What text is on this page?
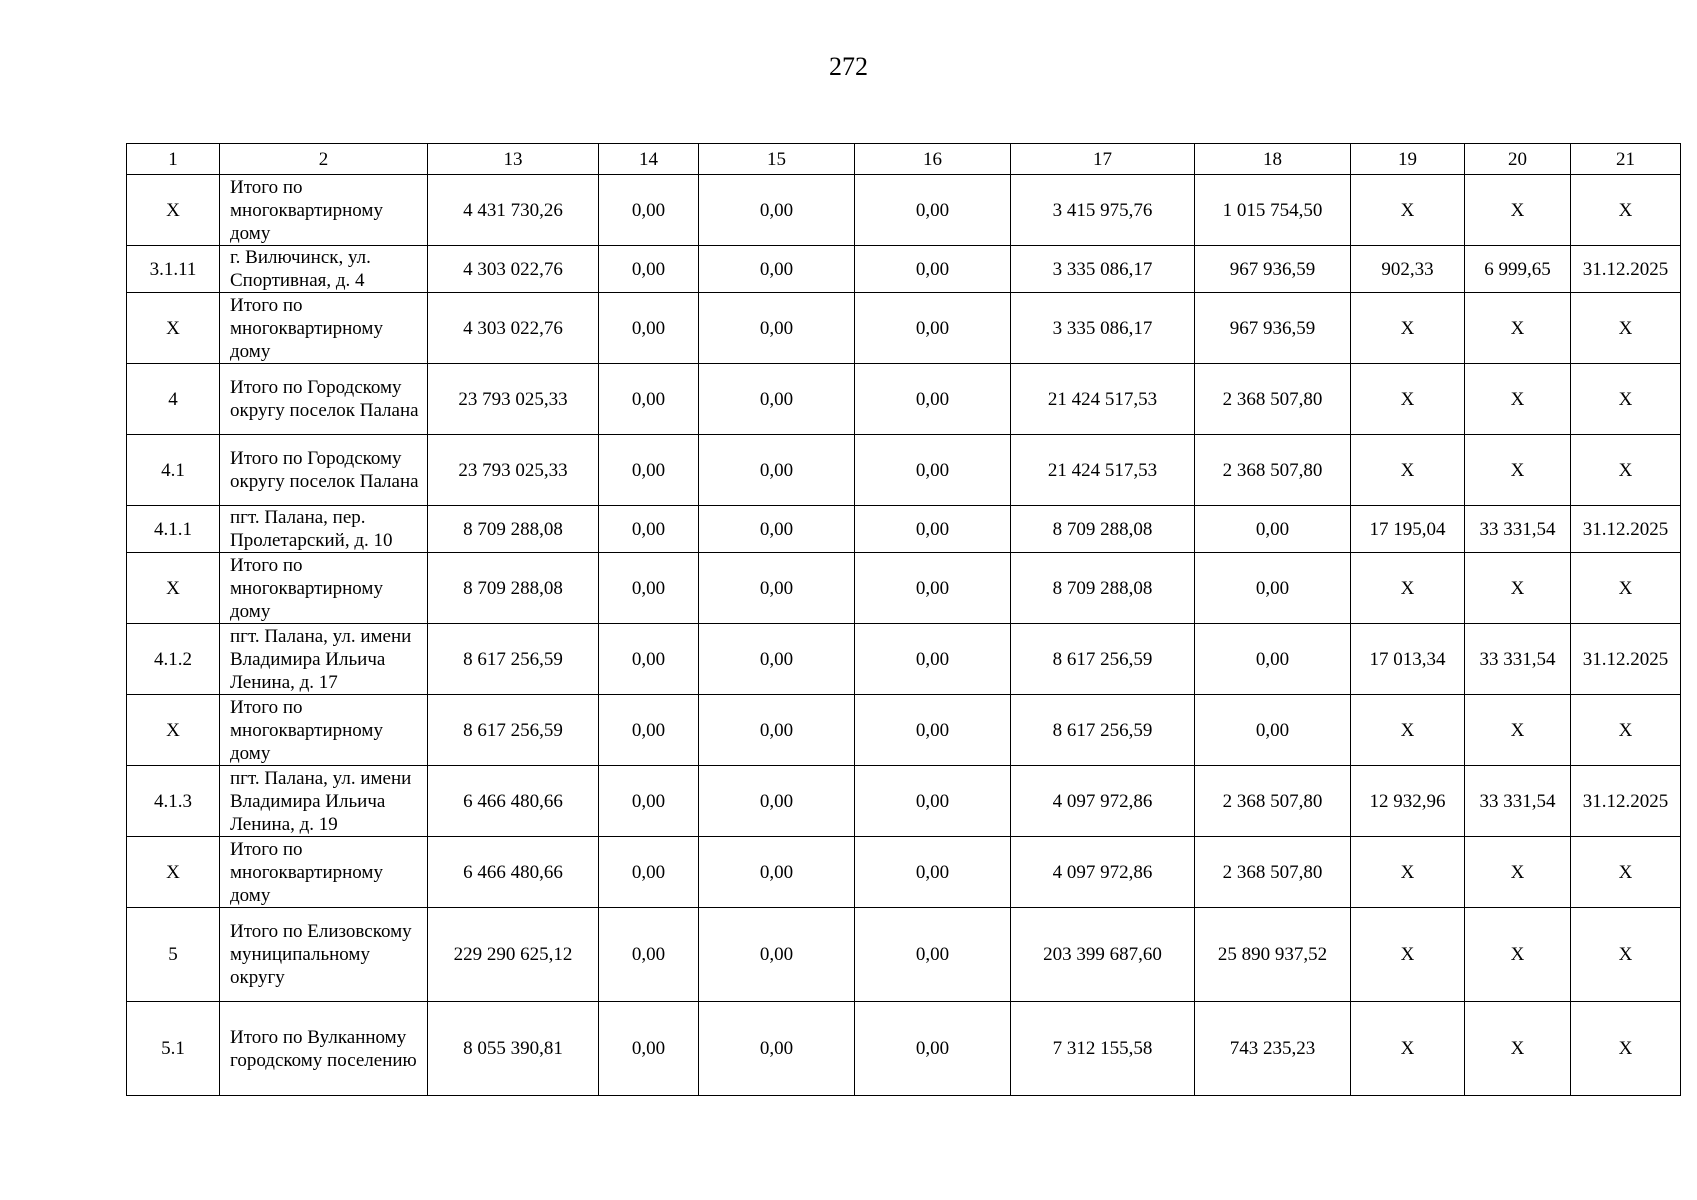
272
1	2	13	14	15	16	17	18	19	20	21
X	Итого по многоквартирному дому	4 431 730,26	0,00	0,00	0,00	3 415 975,76	1 015 754,50	X	X	X
3.1.11	г. Вилючинск, ул. Спортивная, д. 4	4 303 022,76	0,00	0,00	0,00	3 335 086,17	967 936,59	902,33	6 999,65	31.12.2025
X	Итого по многоквартирному дому	4 303 022,76	0,00	0,00	0,00	3 335 086,17	967 936,59	X	X	X
4	Итого по Городскому округу поселок Палана	23 793 025,33	0,00	0,00	0,00	21 424 517,53	2 368 507,80	X	X	X
4.1	Итого по Городскому округу поселок Палана	23 793 025,33	0,00	0,00	0,00	21 424 517,53	2 368 507,80	X	X	X
4.1.1	пгт. Палана, пер. Пролетарский, д. 10	8 709 288,08	0,00	0,00	0,00	8 709 288,08	0,00	17 195,04	33 331,54	31.12.2025
X	Итого по многоквартирному дому	8 709 288,08	0,00	0,00	0,00	8 709 288,08	0,00	X	X	X
4.1.2	пгт. Палана, ул. имени Владимира Ильича Ленина, д. 17	8 617 256,59	0,00	0,00	0,00	8 617 256,59	0,00	17 013,34	33 331,54	31.12.2025
X	Итого по многоквартирному дому	8 617 256,59	0,00	0,00	0,00	8 617 256,59	0,00	X	X	X
4.1.3	пгт. Палана, ул. имени Владимира Ильича Ленина, д. 19	6 466 480,66	0,00	0,00	0,00	4 097 972,86	2 368 507,80	12 932,96	33 331,54	31.12.2025
X	Итого по многоквартирному дому	6 466 480,66	0,00	0,00	0,00	4 097 972,86	2 368 507,80	X	X	X
5	Итого по Елизовскому муниципальному округу	229 290 625,12	0,00	0,00	0,00	203 399 687,60	25 890 937,52	X	X	X
5.1	Итого по Вулканному городскому поселению	8 055 390,81	0,00	0,00	0,00	7 312 155,58	743 235,23	X	X	X
